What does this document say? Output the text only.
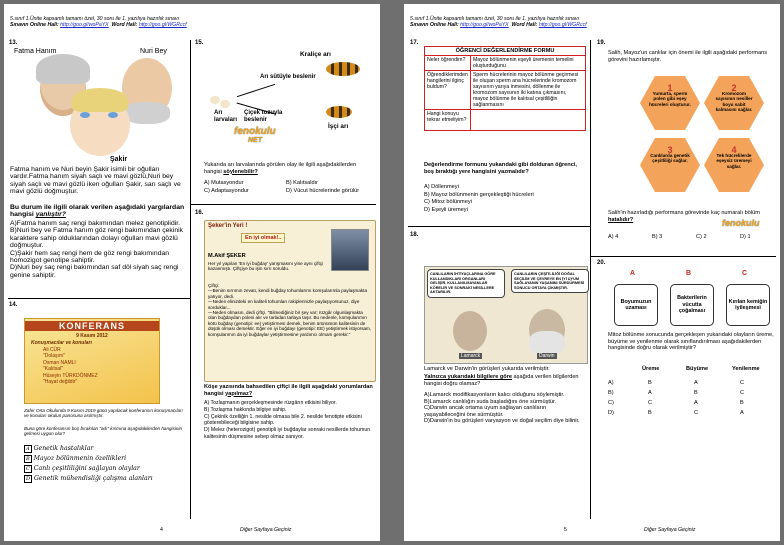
5.sınıf 1.Ünite kapsamlı tamamı özel, 30 soru ile 1. yazılıya hazırlık sınavı
Sınavın Online Hali: http://goo.gl/woPaYX Word Hali: http://goo.gl/WGRccf
13.
Fatma Hanım	Nuri Bey
Şakir
Fatma hanım ve Nuri beyin Şakir isimli bir oğulları vardır.Fatma hanım siyah saçlı ve mavi gözlü,Nuri bey siyah saçlı ve mavi gözlü iken oğulları Şakir, sarı saçlı ve mavi gözlü doğmuştur.
Bu durum ile ilgili olarak verilen aşağıdaki yargılardan hangisi yanlıştır?
A)Fatma hanım saç rengi bakımından melez genotiplidir.
B)Nuri bey ve Fatma hanım göz rengi bakımından çekinik karaktere sahip olduklarından dolayı oğulları mavi gözlü doğmuştur.
C)Şakir hem saç rengi hem de göz rengi bakımından homozigot genotipe sahiptir.
D)Nuri bey saç rengi bakımından saf döl siyah saç rengi genine sahiptir.
14.
KONFERANS
9 Kasım 2012
Konuşmacılar ve konuları
Ali CÜR
"Dolaşım"
Osman NAMLI
"Kalıtsal"
Hüseyin TÜRKDÖNMEZ
"Hayat değildir"
Zafer Orta Okulunda 9 Kasım 2019 günü yapılacak konferansın konuşmacıları ve konuları okulun panosuna asılmıştır.
Buna göre konferansın boş bırakılan "adı" kısmına aşağıdakilerden hangisinin gelmesi uygun olur?
A Genetik hastalıklar
B Mayoz bölünmenin özellikleri
C Canlı çeşitliliğini sağlayan olaylar
D Genetik mühendisliği çalışma alanları
15.
Kraliçe arı
Arı sütüyle beslenir
Arı larvaları
Çiçek tozuyla beslenir
İşçi arı
fenokulu
NET
Yukarıda arı larvalarında görülen olay ile ilgili aşağıdakilerden hangisi söylenebilir?
A) Mutasyondur	B) Kalıtsaldır
C) Adaptasyondur	D) Vücut hücrelerinde görülür
16.
Şeker'in Yeri !
En iyi olmak!..
M.Akif ŞEKER
Her yıl yapılan 'En iyi buğday' yarışmasını yine aynı çiftçi kazanmıştı. Çiftçiye bu işin sırrı soruldu.
Çiftçi:
—Benim sırrımın zevatı, kendi buğday tohumlarımı komşularımla paylaşmakta yatıyor, dedi.
—Neden elinizdeki en kaliteli tohumları rakiplerinizle paylaşıyorsunuz, diye sorduklar...
—Neden olmasın, dedi çiftçi. "Bilmediğiniz bir şey var; rüzgâr olgunlaşmakta olan buğdaydan poleni alır ve tarladan tarlaya taşır. Bu nedenle, komşularımın kötü buğday (genotipi: ee) yetiştirmesi demek, benim ürünümün kalitesinin de düşük olması demektir. Eğer en iyi buğdayı (genotipi: EE) yetiştirmek istiyorsam, komşularımın da iyi buğdaylar yetiştirmesine yardımcı olmam gerekir."
Köşe yazısında bahsedilen çiftçi ile ilgili aşağıdaki yorumlardan hangisi yapılmaz?
A) Tozlaşmanın gerçekleşmesinde rüzgârın etkisini biliyor.
B) Tozlaşma hakkında bilgiye sahip.
C) Çekinik özelliğin 1. nesilde olmasa bile 2. nesilde fenotipte etkisini göstereblieceği bilgisine sahip.
D) Melez (heterozigot) genotipli iyi buğdaylar sonraki nesillerde tohumun kalitesinin düşmesine sebep olmaz sanıyor.
4	Diğer Sayfaya Geçiniz
5.sınıf 1.Ünite kapsamlı tamamı özel, 30 soru ile 1. yazılıya hazırlık sınavı
Sınavın Online Hali: http://goo.gl/woPaYX Word Hali: http://goo.gl/WGRccf
17.
ÖĞRENCİ DEĞERLENDİRME FORMU	
Neler öğrendim?	Mayoz bölünmenin eşeyli üremenin temelini oluşturduğunu
Öğrendiklerimden hangilerini ilginç buldum?	Sperm hücrelerinin mayoz bölünme geçirmesi ile oluşan sperm ana hücrelerinde kromozom sayısının yarıya inmesini, döllenme ile kromozom sayısının iki katına çıkmasını, mayoz bölünme ile kalıtsal çeşitliliğin sağlanmasını
Hangi konuyu tekrar etmeliyim?	
Değerlendirme formunu yukarıdaki gibi dolduran öğrenci, boş bıraktığı yere hangisini yazmalıdır?
A) Döllenmeyi
B) Mayoz bölünmenin gerçekleştiği hücreleri
C) Mitoz bölünmeyi
D) Eşeyli üremeyi
18.
CANLILARIN İHTİYAÇLARINA GÖRE KULLANDIKLARI ORGANLARI GELİŞİR, KULLANILMAYANLAR KÖRELİR VE SONRAKİ NESİLLERE AKTARILIR.
CANLILARIN ÇEŞİTLİLİĞİ DOĞAL SEÇİLİM VE ÇEVREYE EN İYİ UYUM SAĞLAYANIN YAŞAMINI SÜRDÜRMESİ SONUCU ORTAYA ÇIKMIŞTIR.
Lamarck	Darwin
Lamarck ve Darwin'in görüşleri yukarıda verilmiştir.
Yalnızca yukarıdaki bilgilere göre aşağıda verilen bilgilerden hangisi doğru olamaz?
A)Lamarck modifikasyonların kalıcı olduğunu söylemiştir.
B)Lamarck canlılığın suda başladığını öne sürmüştür.
C)Darwin ancak ortama uyum sağlayan canlıların yaşayabileceğini öne sürmüştür.
D)Darwin'in bu görüşleri varyasyon ve doğal seçilim diye bilinir.
19.
Salih, Mayoz'un canlılar için önemi ile ilgili aşağıdaki performans görevini hazırlamıştır.
1
Yumurta, sperm polen gibi eşey hücreleri oluşturur.
2
Kromozom sayısının nesiller boyu sabit kalmasını sağlar.
3
Canlılarda genetik çeşitliliği sağlar.
4
Tek hücrelilerde eşeysiz üremeyi sağlar.
Salih'in hazırladığı performans görevinde kaç numaralı bölüm hatalıdır?
A) 4	B) 3	C) 2	D) 1
fenokulu
20.
A	B	C
Boyumuzun uzaması
Bakterilerin vücutta çoğalması
Kırılan kemiğin iyileşmesi
Mitoz bölünme sonucunda gerçekleşen yukarıdaki olayların üreme, büyüme ve yenilenme olarak sınıflandırılması aşağıdakilerden hangisinde doğru olarak verilmiştir?
Üreme	Büyüme	Yenilenme
A)	B	A	C
B)	A	B	C
C)	C	A	B
D)	B	C	A
5	Diğer Sayfaya Geçiniz
